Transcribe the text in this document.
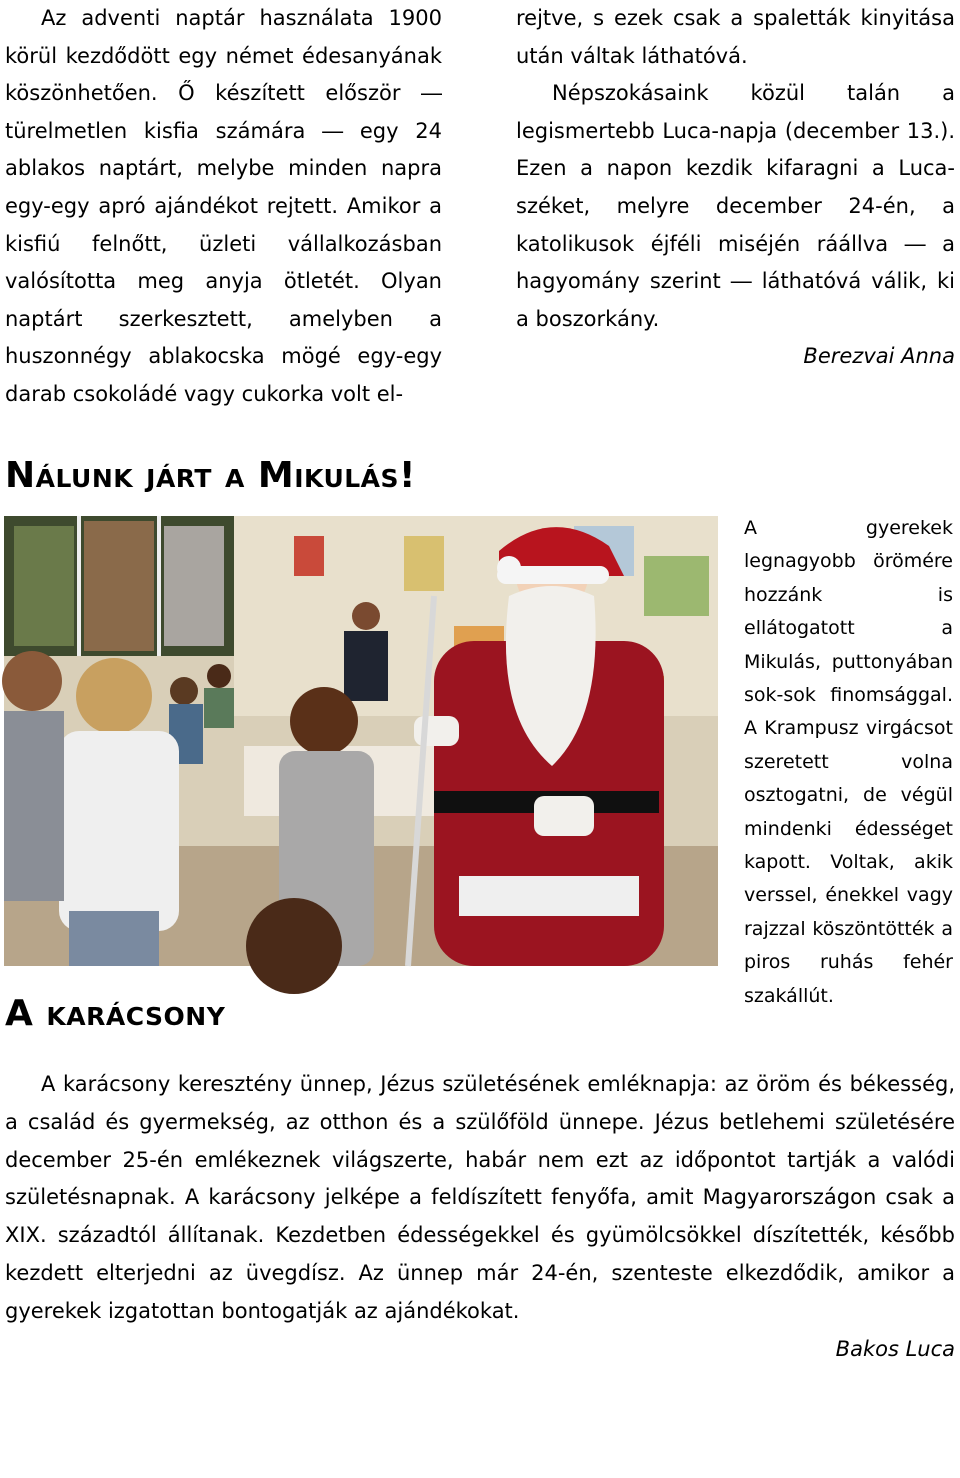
Az adventi naptár használata 1900 körül kezdődött egy német édesanyának köszönhetően. Ő készített először ― türelmetlen kisfia számára ― egy 24 ablakos naptárt, melybe minden napra egy-egy apró ajándékot rejtett. Amikor a kisfiú felnőtt, üzleti vállalkozásban valósította meg anyja ötletét. Olyan naptárt szerkesztett, amelyben a huszonnégy ablakocska mögé egy-egy darab csokoládé vagy cukorka volt el-

rejtve, s ezek csak a spaletták kinyitása után váltak láthatóvá.

Népszokásaink közül talán a legismertebb Luca-napja (december 13.). Ezen a napon kezdik kifaragni a Luca-széket, melyre december 24-én, a katolikusok éjféli miséjén ráállva ― a hagyomány szerint ― láthatóvá válik, ki a boszorkány.

Berezvai Anna

Nálunk járt a Mikulás!
kisshalint.hu

A gyerekek legnagyobb örömére hozzánk is ellátogatott a Mikulás, puttonyában sok-sok finomsággal. A Krampusz virgácsot szeretett volna osztogatni, de végül mindenki édességet kapott. Voltak, akik verssel, énekkel vagy rajzzal köszöntötték a piros ruhás fehér szakállút.

A karácsony

A karácsony keresztény ünnep, Jézus születésének emléknapja: az öröm és békesség, a család és gyermekség, az otthon és a szülőföld ünnepe. Jézus betlehemi születésére december 25-én emlékeznek világszerte, habár nem ezt az időpontot tartják a valódi születésnapnak. A karácsony jelképe a feldíszített fenyőfa, amit Magyarországon csak a XIX. századtól állítanak. Kezdetben édességekkel és gyümölcsökkel díszítették, később kezdett elterjedni az üvegdísz. Az ünnep már 24-én, szenteste elkezdődik, amikor a gyerekek izgatottan bontogatják az ajándékokat.

Bakos Luca
